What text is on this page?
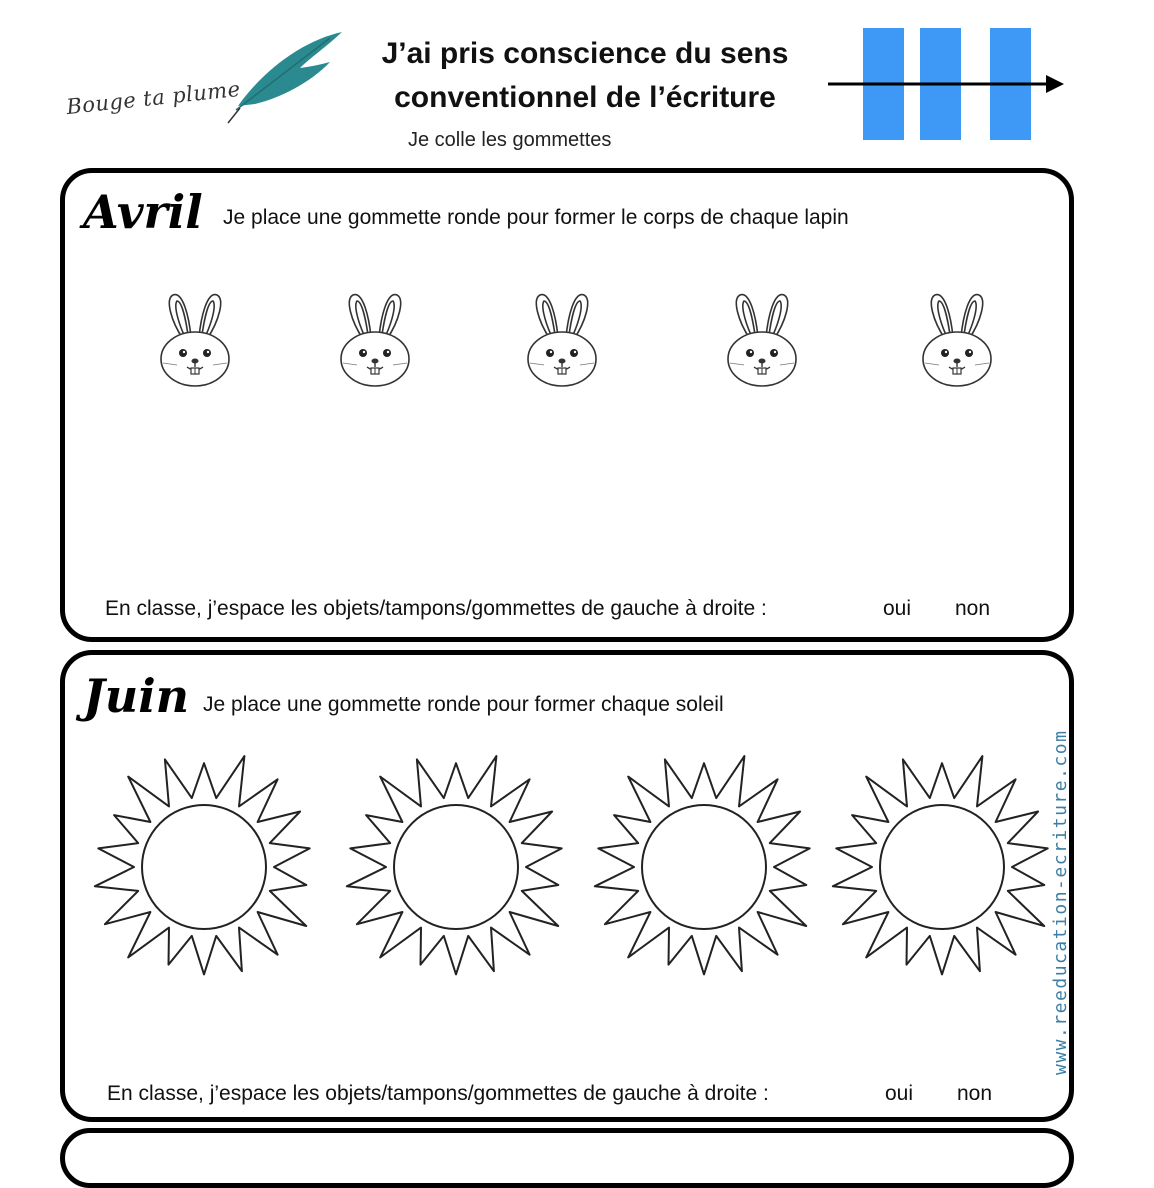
Bouge ta plume
J’ai pris conscience du sens
conventionnel de l’écriture
Je colle les gommettes
Avril Je place une gommette ronde pour former le corps de chaque lapin
En classe, j’espace les objets/tampons/gommettes de gauche à droite :	oui non
Juin Je place une gommette ronde pour former chaque soleil
En classe, j’espace les objets/tampons/gommettes de gauche à droite :	oui non
www.reeducation-ecriture.com
